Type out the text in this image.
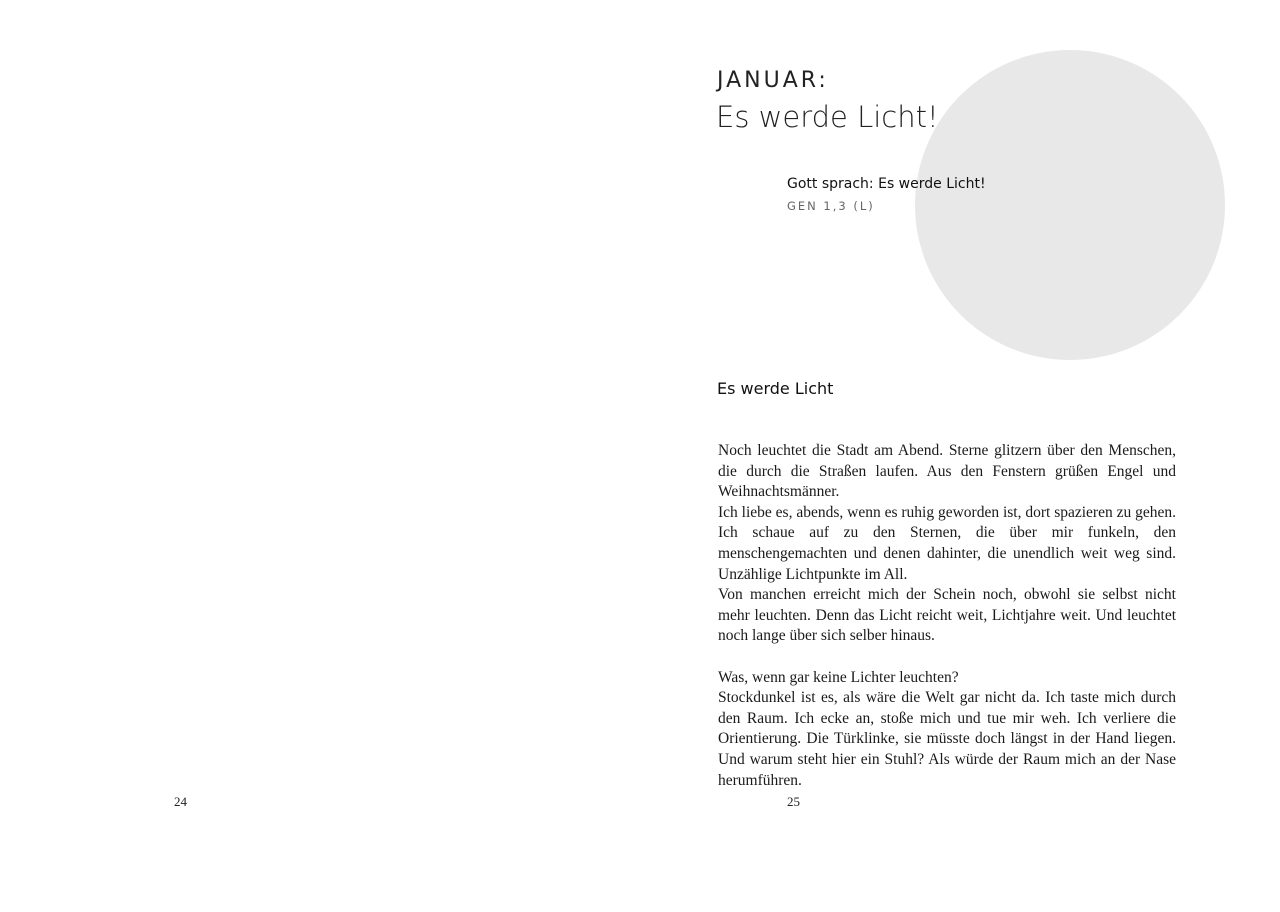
24
JANUAR:
Es werde Licht!
Gott sprach: Es werde Licht!
GEN 1,3 (L)
Es werde Licht

Noch leuchtet die Stadt am Abend. Sterne glitzern über den Menschen, die durch die Straßen laufen. Aus den Fenstern grüßen Engel und Weihnachtsmänner.

Ich liebe es, abends, wenn es ruhig geworden ist, dort spazieren zu gehen. Ich schaue auf zu den Sternen, die über mir funkeln, den menschengemachten und denen dahinter, die unendlich weit weg sind. Unzählige Lichtpunkte im All.

Von manchen erreicht mich der Schein noch, obwohl sie selbst nicht mehr leuchten. Denn das Licht reicht weit, Lichtjahre weit. Und leuchtet noch lange über sich selber hinaus.

Was, wenn gar keine Lichter leuchten?

Stockdunkel ist es, als wäre die Welt gar nicht da. Ich taste mich durch den Raum. Ich ecke an, stoße mich und tue mir weh. Ich verliere die Orientierung. Die Türklinke, sie müsste doch längst in der Hand liegen. Und warum steht hier ein Stuhl? Als würde der Raum mich an der Nase herumführen.

25
